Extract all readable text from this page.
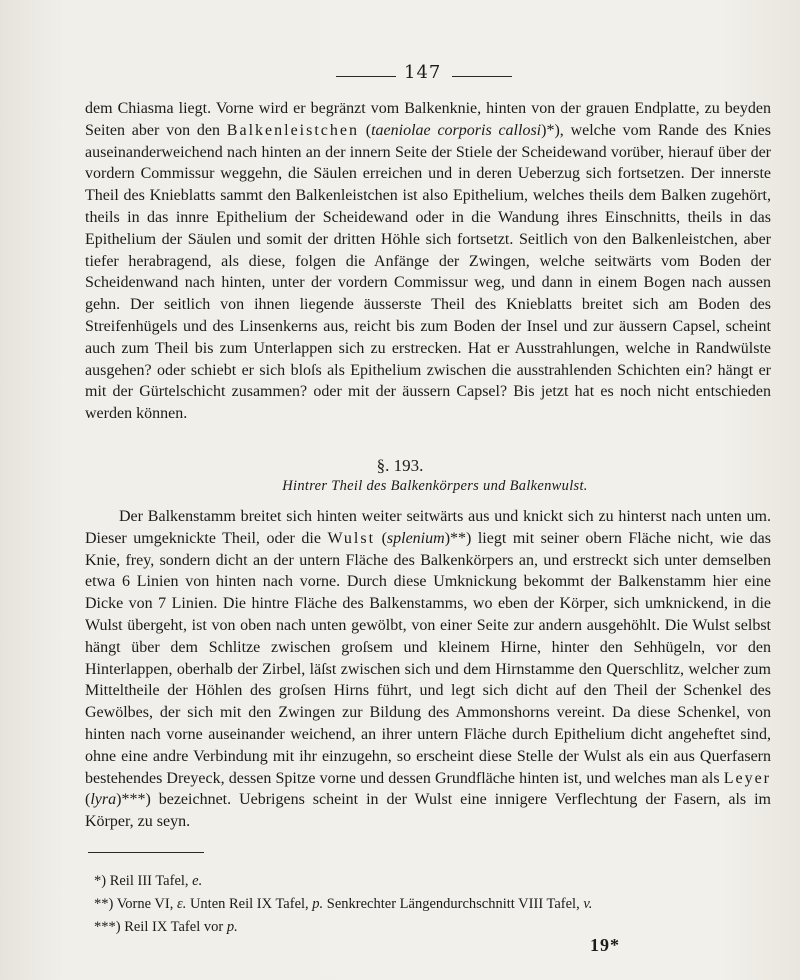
147

dem Chiasma liegt. Vorne wird er begränzt vom Balkenknie, hinten von der grauen Endplatte, zu beyden Seiten aber von den Balkenleistchen (taeniolae corporis callosi)*), welche vom Rande des Knies auseinanderweichend nach hinten an der innern Seite der Stiele der Scheidewand vorüber, hierauf über der vordern Commissur weggehn, die Säulen erreichen und in deren Ueberzug sich fortsetzen. Der innerste Theil des Knieblatts sammt den Balkenleistchen ist also Epithelium, welches theils dem Balken zugehört, theils in das innre Epithelium der Scheidewand oder in die Wandung ihres Einschnitts, theils in das Epithelium der Säulen und somit der dritten Höhle sich fortsetzt. Seitlich von den Balkenleistchen, aber tiefer herabragend, als diese, folgen die Anfänge der Zwingen, welche seitwärts vom Boden der Scheidenwand nach hinten, unter der vordern Commissur weg, und dann in einem Bogen nach aussen gehn. Der seitlich von ihnen liegende äusserste Theil des Knieblatts breitet sich am Boden des Streifenhügels und des Linsenkerns aus, reicht bis zum Boden der Insel und zur äussern Capsel, scheint auch zum Theil bis zum Unterlappen sich zu erstrecken. Hat er Ausstrahlungen, welche in Randwülste ausgehen? oder schiebt er sich bloſs als Epithelium zwischen die ausstrahlenden Schichten ein? hängt er mit der Gürtelschicht zusammen? oder mit der äussern Capsel? Bis jetzt hat es noch nicht entschieden werden können.

§. 193.
Hintrer Theil des Balkenkörpers und Balkenwulst.

Der Balkenstamm breitet sich hinten weiter seitwärts aus und knickt sich zu hinterst nach unten um. Dieser umgeknickte Theil, oder die Wulst (splenium)**) liegt mit seiner obern Fläche nicht, wie das Knie, frey, sondern dicht an der untern Fläche des Balkenkörpers an, und erstreckt sich unter demselben etwa 6 Linien von hinten nach vorne. Durch diese Umknickung bekommt der Balkenstamm hier eine Dicke von 7 Linien. Die hintre Fläche des Balkenstamms, wo eben der Körper, sich umknickend, in die Wulst übergeht, ist von oben nach unten gewölbt, von einer Seite zur andern ausgehöhlt. Die Wulst selbst hängt über dem Schlitze zwischen groſsem und kleinem Hirne, hinter den Sehhügeln, vor den Hinterlappen, oberhalb der Zirbel, läſst zwischen sich und dem Hirnstamme den Querschlitz, welcher zum Mitteltheile der Höhlen des groſsen Hirns führt, und legt sich dicht auf den Theil der Schenkel des Gewölbes, der sich mit den Zwingen zur Bildung des Ammonshorns vereint. Da diese Schenkel, von hinten nach vorne auseinander weichend, an ihrer untern Fläche durch Epithelium dicht angeheftet sind, ohne eine andre Verbindung mit ihr einzugehn, so erscheint diese Stelle der Wulst als ein aus Querfasern bestehendes Dreyeck, dessen Spitze vorne und dessen Grundfläche hinten ist, und welches man als Leyer (lyra)***) bezeichnet. Uebrigens scheint in der Wulst eine innigere Verflechtung der Fasern, als im Körper, zu seyn.

*) Reil III Tafel, e.
**) Vorne VI, ε. Unten Reil IX Tafel, p. Senkrechter Längendurchschnitt VIII Tafel, v.
***) Reil IX Tafel vor p.
19*
